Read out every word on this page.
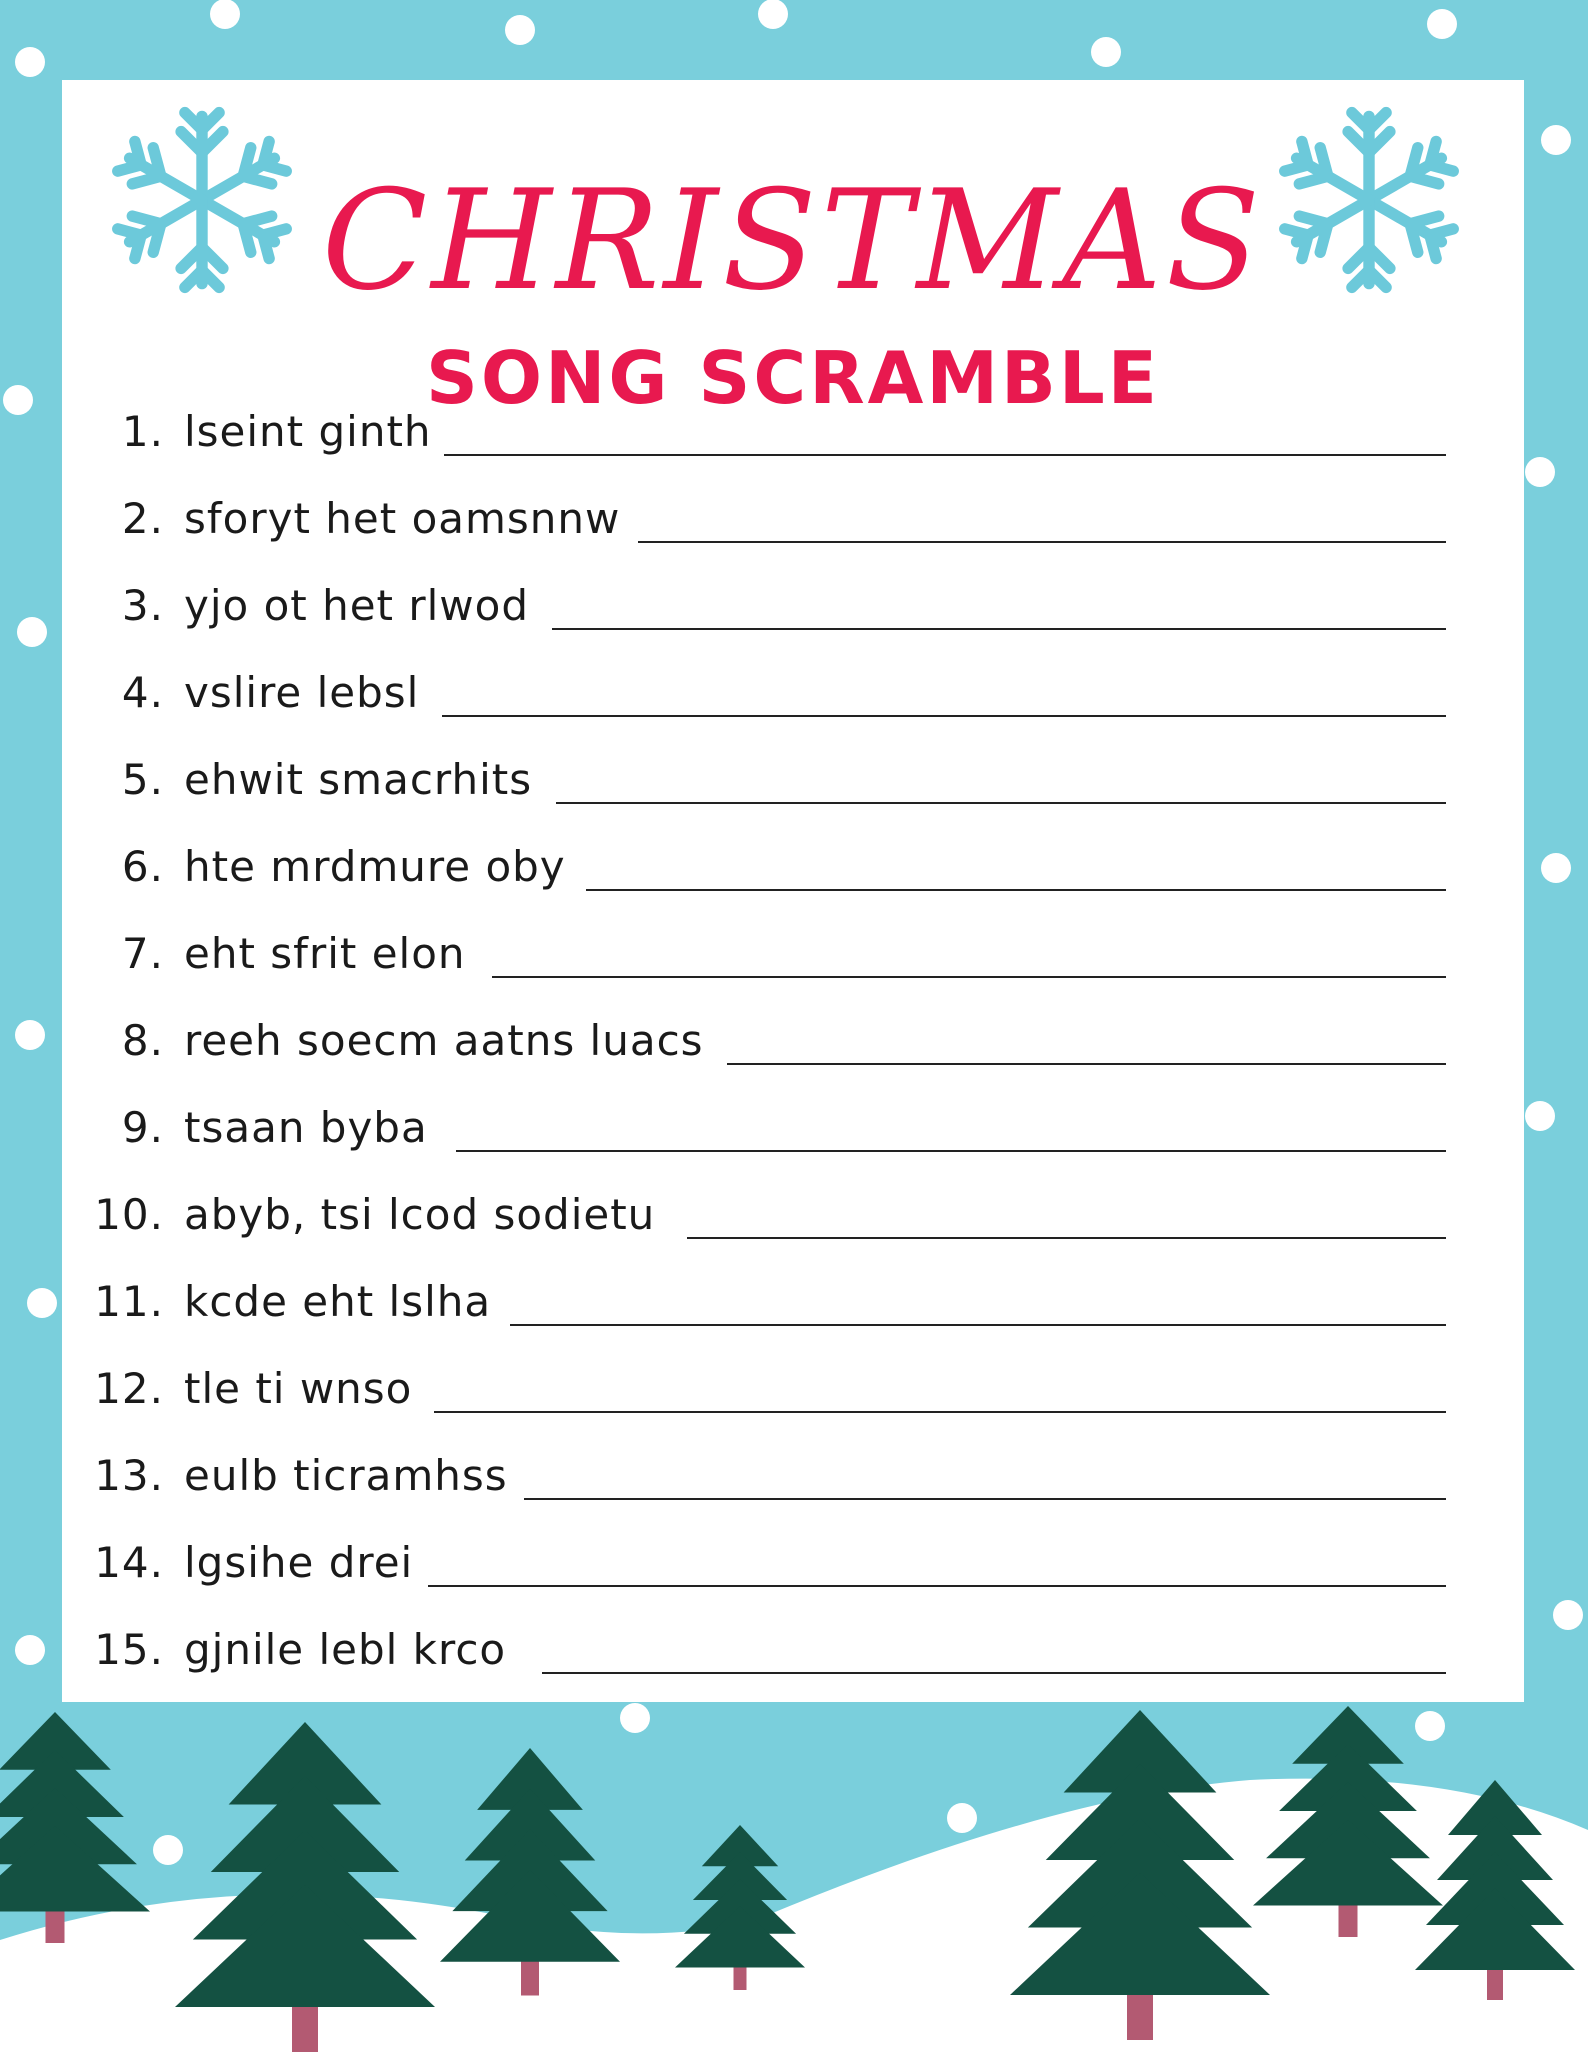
CHRISTMAS
SONG SCRAMBLE
1. lseint ginth
2. sforyt het oamsnnw
3. yjo ot het rlwod
4. vslire lebsl
5. ehwit smacrhits
6. hte mrdmure oby
7. eht sfrit elon
8. reeh soecm aatns luacs
9. tsaan byba
10. abyb, tsi lcod sodietu
11. kcde eht lslha
12. tle ti wnso
13. eulb ticramhss
14. lgsihe drei
15. gjnile lebl krco
